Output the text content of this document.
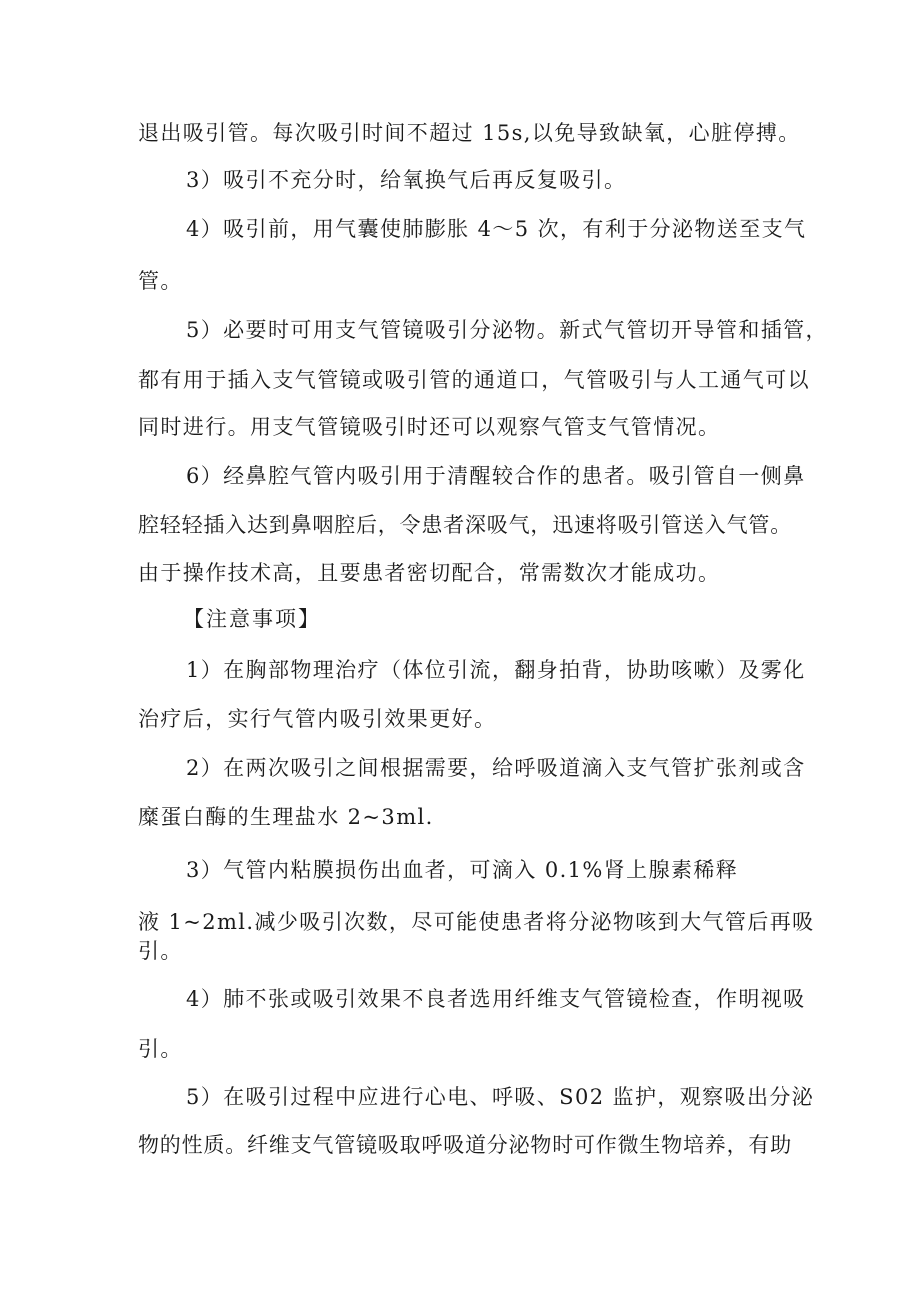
退出吸引管。每次吸引时间不超过 15s,以免导致缺氧，心脏停搏。
3）吸引不充分时，给氧换气后再反复吸引。
4）吸引前，用气囊使肺膨胀 4～5 次，有利于分泌物送至支气
管。
5）必要时可用支气管镜吸引分泌物。新式气管切开导管和插管，
都有用于插入支气管镜或吸引管的通道口，气管吸引与人工通气可以
同时进行。用支气管镜吸引时还可以观察气管支气管情况。
6）经鼻腔气管内吸引用于清醒较合作的患者。吸引管自一侧鼻
腔轻轻插入达到鼻咽腔后，令患者深吸气，迅速将吸引管送入气管。
由于操作技术高，且要患者密切配合，常需数次才能成功。
【注意事项】
1）在胸部物理治疗（体位引流，翻身拍背，协助咳嗽）及雾化
治疗后，实行气管内吸引效果更好。
2）在两次吸引之间根据需要，给呼吸道滴入支气管扩张剂或含
糜蛋白酶的生理盐水 2~3ml.
3）气管内粘膜损伤出血者，可滴入 0.1%肾上腺素稀释
液 1~2ml.减少吸引次数，尽可能使患者将分泌物咳到大气管后再吸
引。
4）肺不张或吸引效果不良者选用纤维支气管镜检查，作明视吸
引。
5）在吸引过程中应进行心电、呼吸、S02 监护，观察吸出分泌
物的性质。纤维支气管镜吸取呼吸道分泌物时可作微生物培养，有助
